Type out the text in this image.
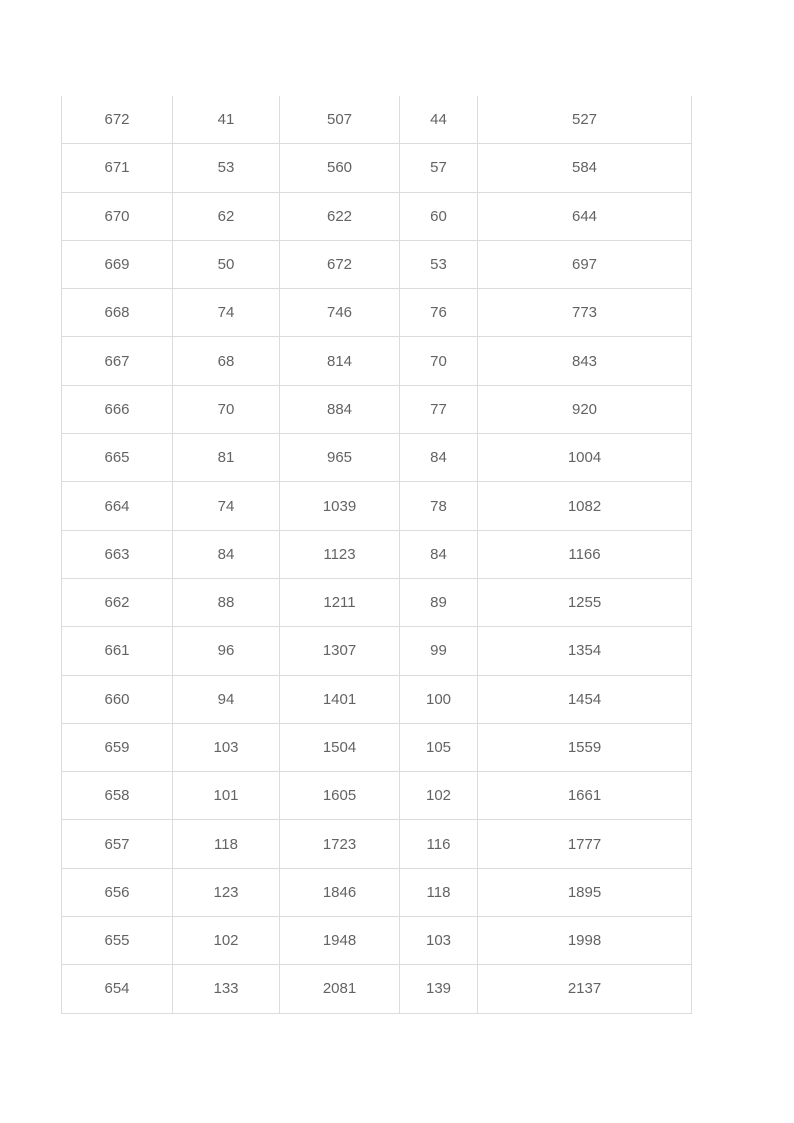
672	41	507	44	527
671	53	560	57	584
670	62	622	60	644
669	50	672	53	697
668	74	746	76	773
667	68	814	70	843
666	70	884	77	920
665	81	965	84	1004
664	74	1039	78	1082
663	84	1123	84	1166
662	88	1211	89	1255
661	96	1307	99	1354
660	94	1401	100	1454
659	103	1504	105	1559
658	101	1605	102	1661
657	118	1723	116	1777
656	123	1846	118	1895
655	102	1948	103	1998
654	133	2081	139	2137
